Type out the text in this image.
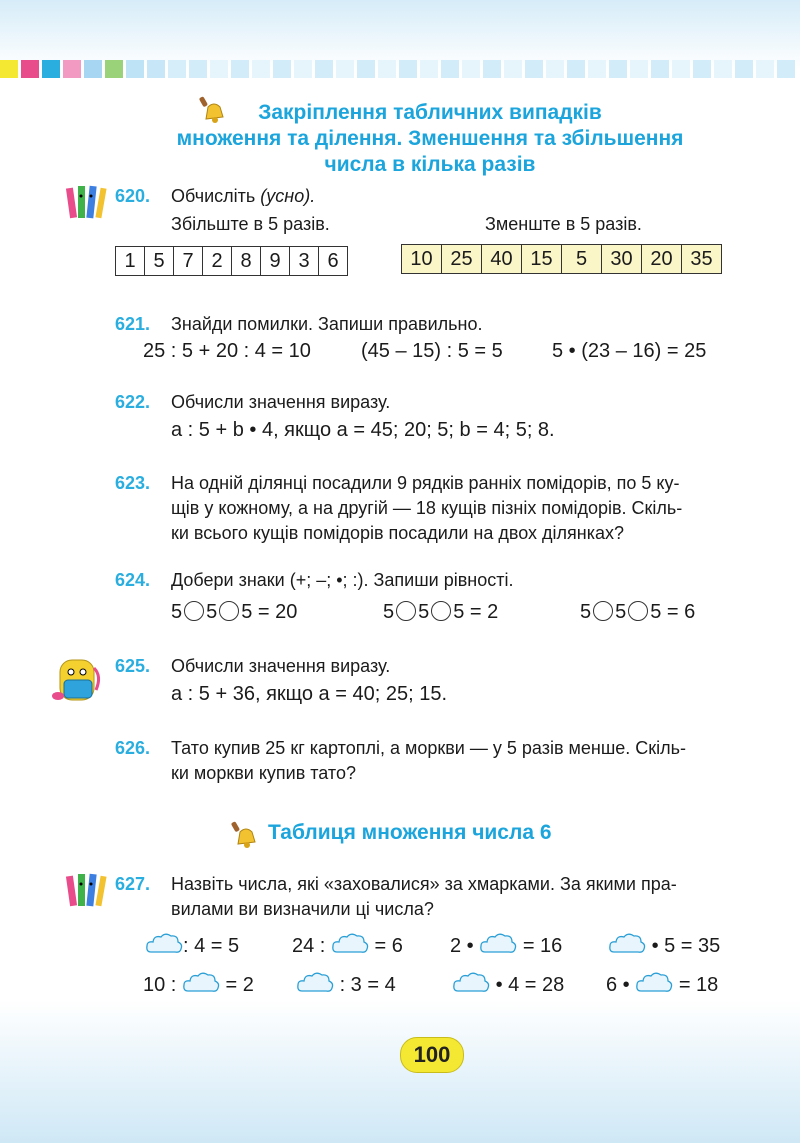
Закріплення табличних випадків
множення та ділення. Зменшення та збільшення
числа в кілька разів
620. Обчисліть (усно).
Збільште в 5 разів.	Зменште в 5 разів.
1 5 7 2 8 9 3 6	10 25 40 15	5	30 20 35
621. Знайди помилки. Запиши правильно.
25 : 5 + 20 : 4 = 10	(45 – 15) : 5 = 5 5 • (23 – 16) = 25
622. Обчисли значення виразу.
a : 5 + b • 4, якщо a = 45; 20; 5; b = 4; 5; 8.
623. На одній ділянці посадили 9 рядків ранніх помідорів, по 5 ку-
щів у кожному, а на другій — 18 кущів пізніх помідорів. Скіль-
ки всього кущів помідорів посадили на двох ділянках?
624. Добери знаки (+; –; •; :). Запиши рівності.
5 5 5 = 20	5 5 5 = 2	5 5 5 = 6
625. Обчисли значення виразу.
a : 5 + 36, якщо a = 40; 25; 15.
626. Тато купив 25 кг картоплі, а моркви — у 5 разів менше. Скіль-
ки моркви купив тато?
Таблиця множення числа 6
627. Назвіть числа, які «заховалися» за хмарками. За якими пра-
вилами ви визначили ці числа?
: 4 = 5	24 : = 6 2 • = 16	• 5 = 35
10 : = 2	: 3 = 4	• 4 = 28 6 • = 18
100
